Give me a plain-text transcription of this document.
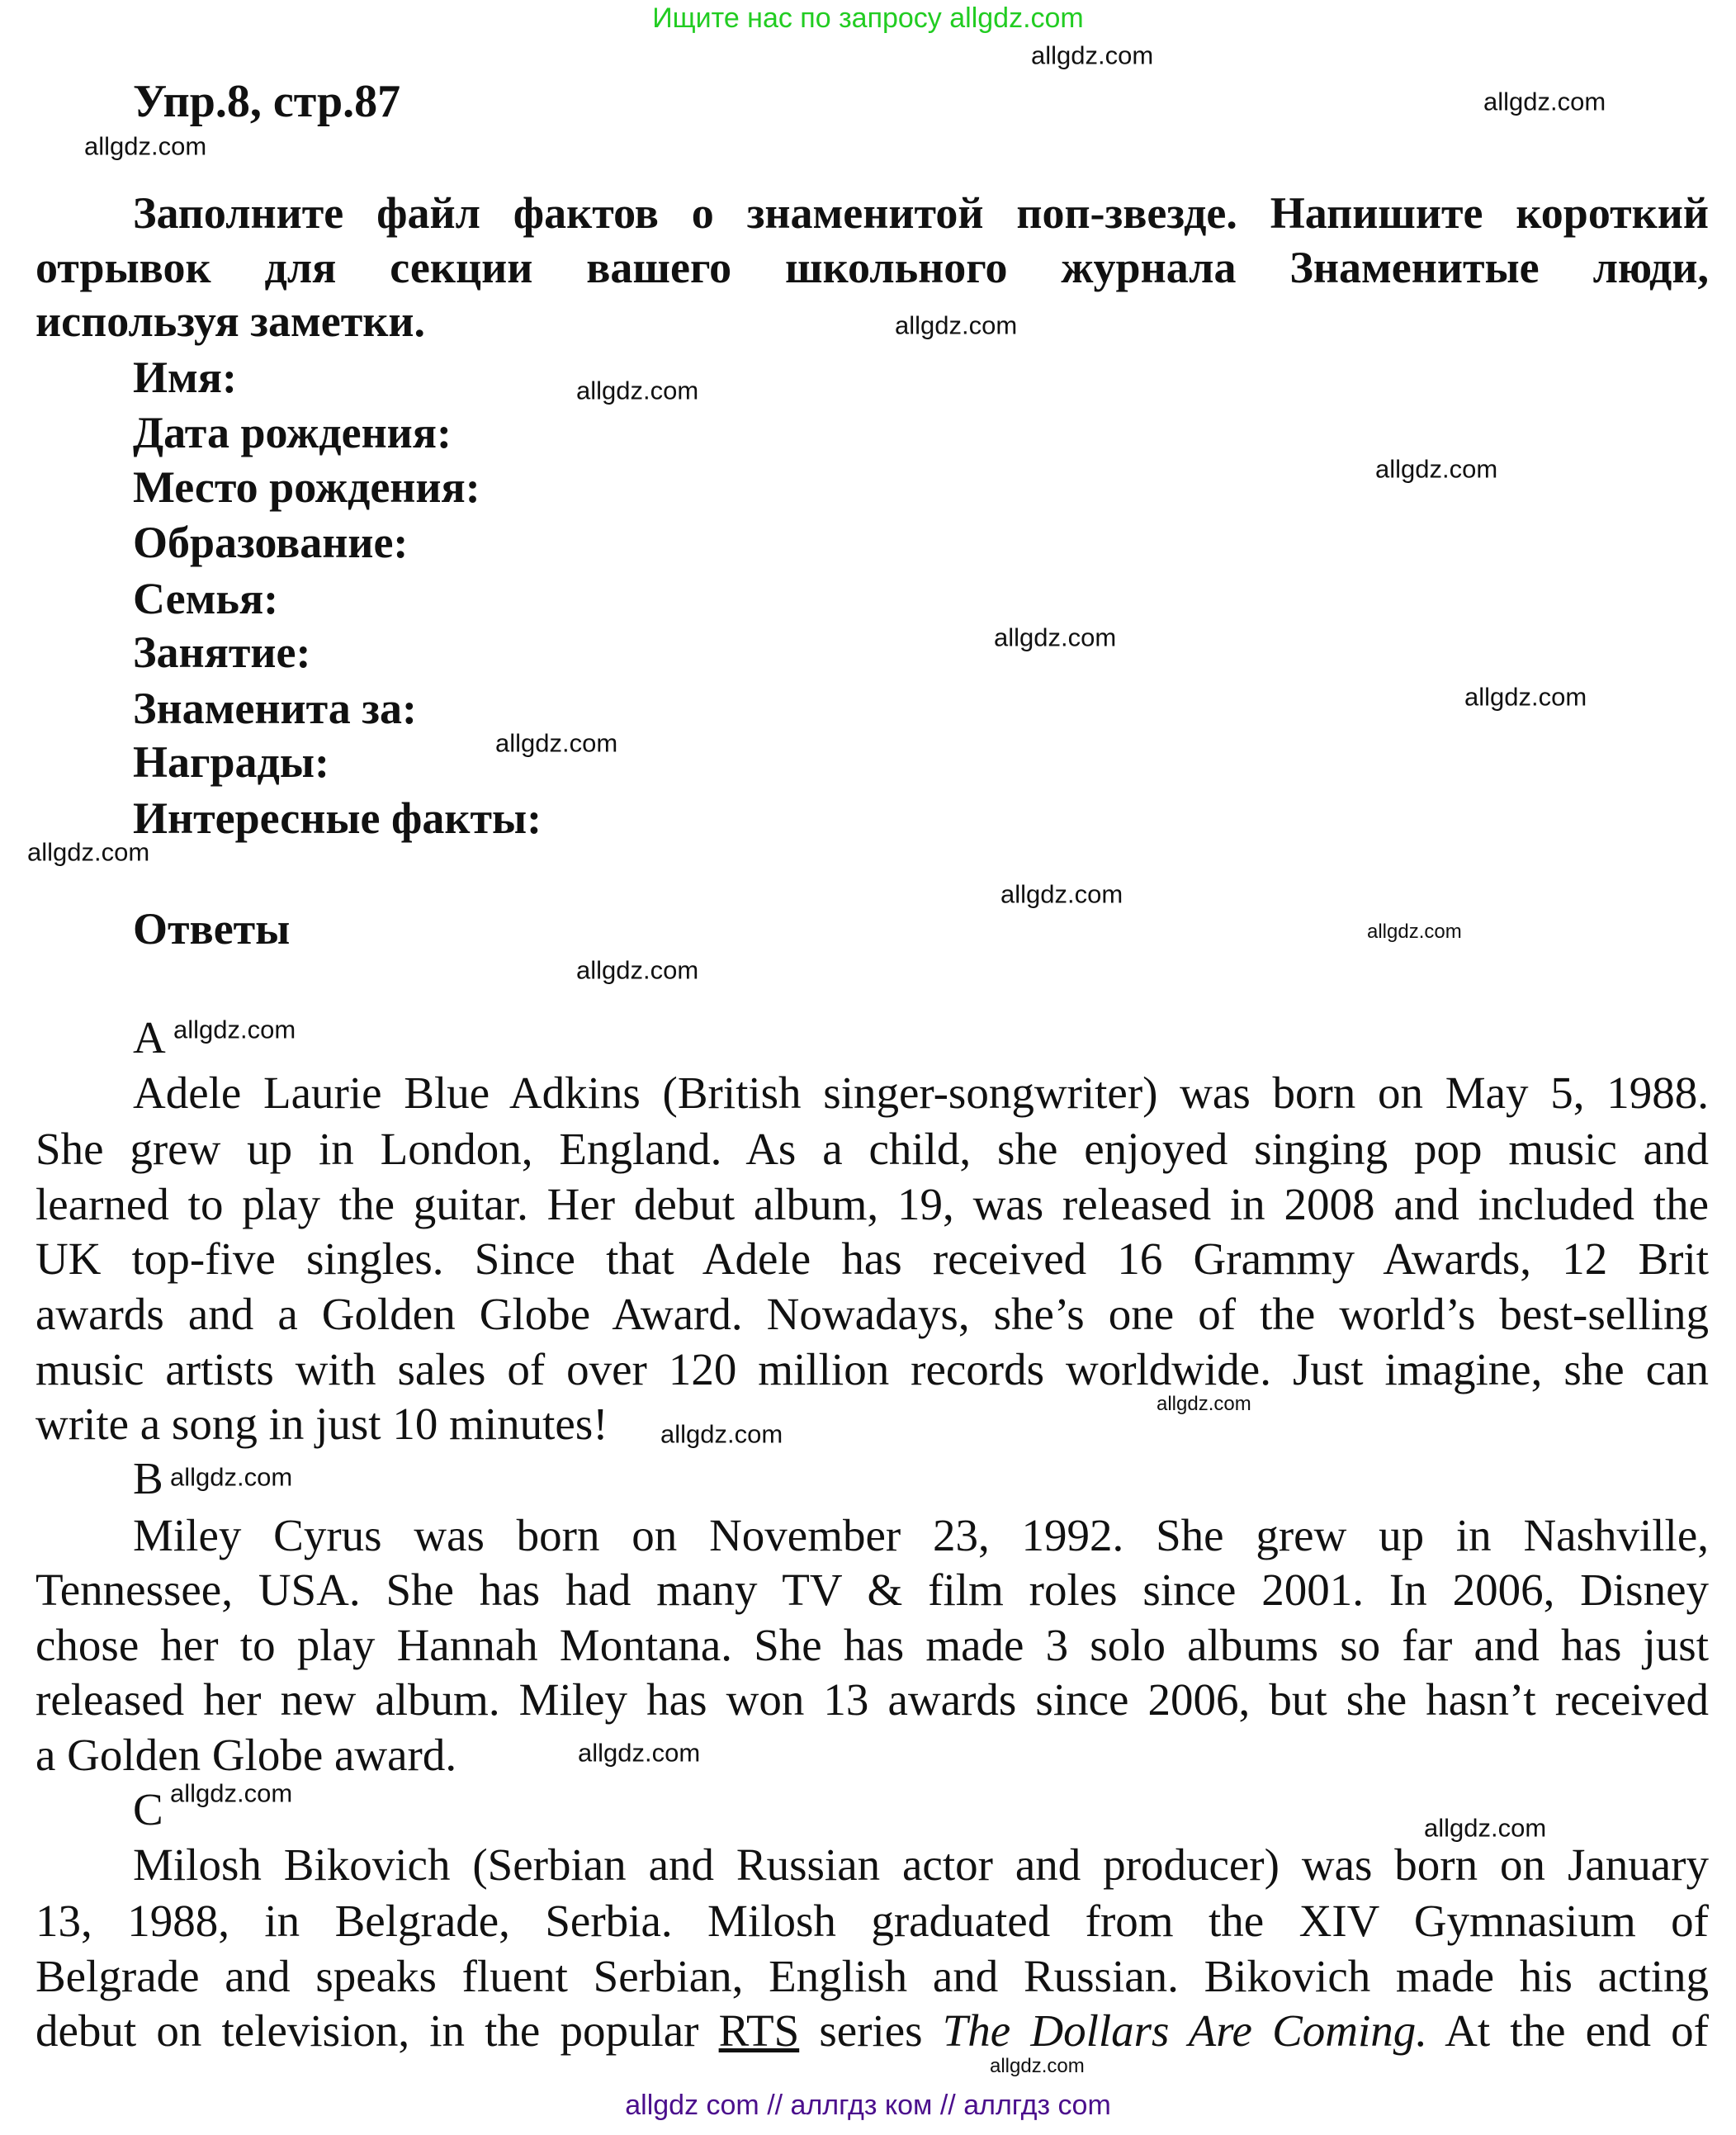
Ищите нас по запросу allgdz.com
Упр.8, стр.87
Заполните файл фактов о знаменитой поп-звезде. Напишите короткий
отрывок для секции вашего школьного журнала Знаменитые люди,
используя заметки.
Имя:
Дата рождения:
Место рождения:
Образование:
Семья:
Занятие:
Знаменита за:
Награды:
Интересные факты:
Ответы
A
Adele Laurie Blue Adkins (British singer-songwriter) was born on May 5, 1988.
She grew up in London, England. As a child, she enjoyed singing pop music and
learned to play the guitar. Her debut album, 19, was released in 2008 and included the
UK top-five singles. Since that Adele has received 16 Grammy Awards, 12 Brit
awards and a Golden Globe Award. Nowadays, she’s one of the world’s best-selling
music artists with sales of over 120 million records worldwide. Just imagine, she can
write a song in just 10 minutes!
B
Miley Cyrus was born on November 23, 1992. She grew up in Nashville,
Tennessee, USA. She has had many TV & film roles since 2001. In 2006, Disney
chose her to play Hannah Montana. She has made 3 solo albums so far and has just
released her new album. Miley has won 13 awards since 2006, but she hasn’t received
a Golden Globe award.
C
Milosh Bikovich (Serbian and Russian actor and producer) was born on January
13, 1988, in Belgrade, Serbia. Milosh graduated from the XIV Gymnasium of
Belgrade and speaks fluent Serbian, English and Russian. Bikovich made his acting
debut on television, in the popular RTS series The Dollars Are Coming. At the end of
allgdz.com
allgdz.com
allgdz.com
allgdz.com
allgdz.com
allgdz.com
allgdz.com
allgdz.com
allgdz.com
allgdz.com
allgdz.com
allgdz.com
allgdz.com
allgdz.com
allgdz.com
allgdz.com
allgdz.com
allgdz.com
allgdz.com
allgdz.com
allgdz.com
allgdz com // аллгдз ком // аллгдз com
